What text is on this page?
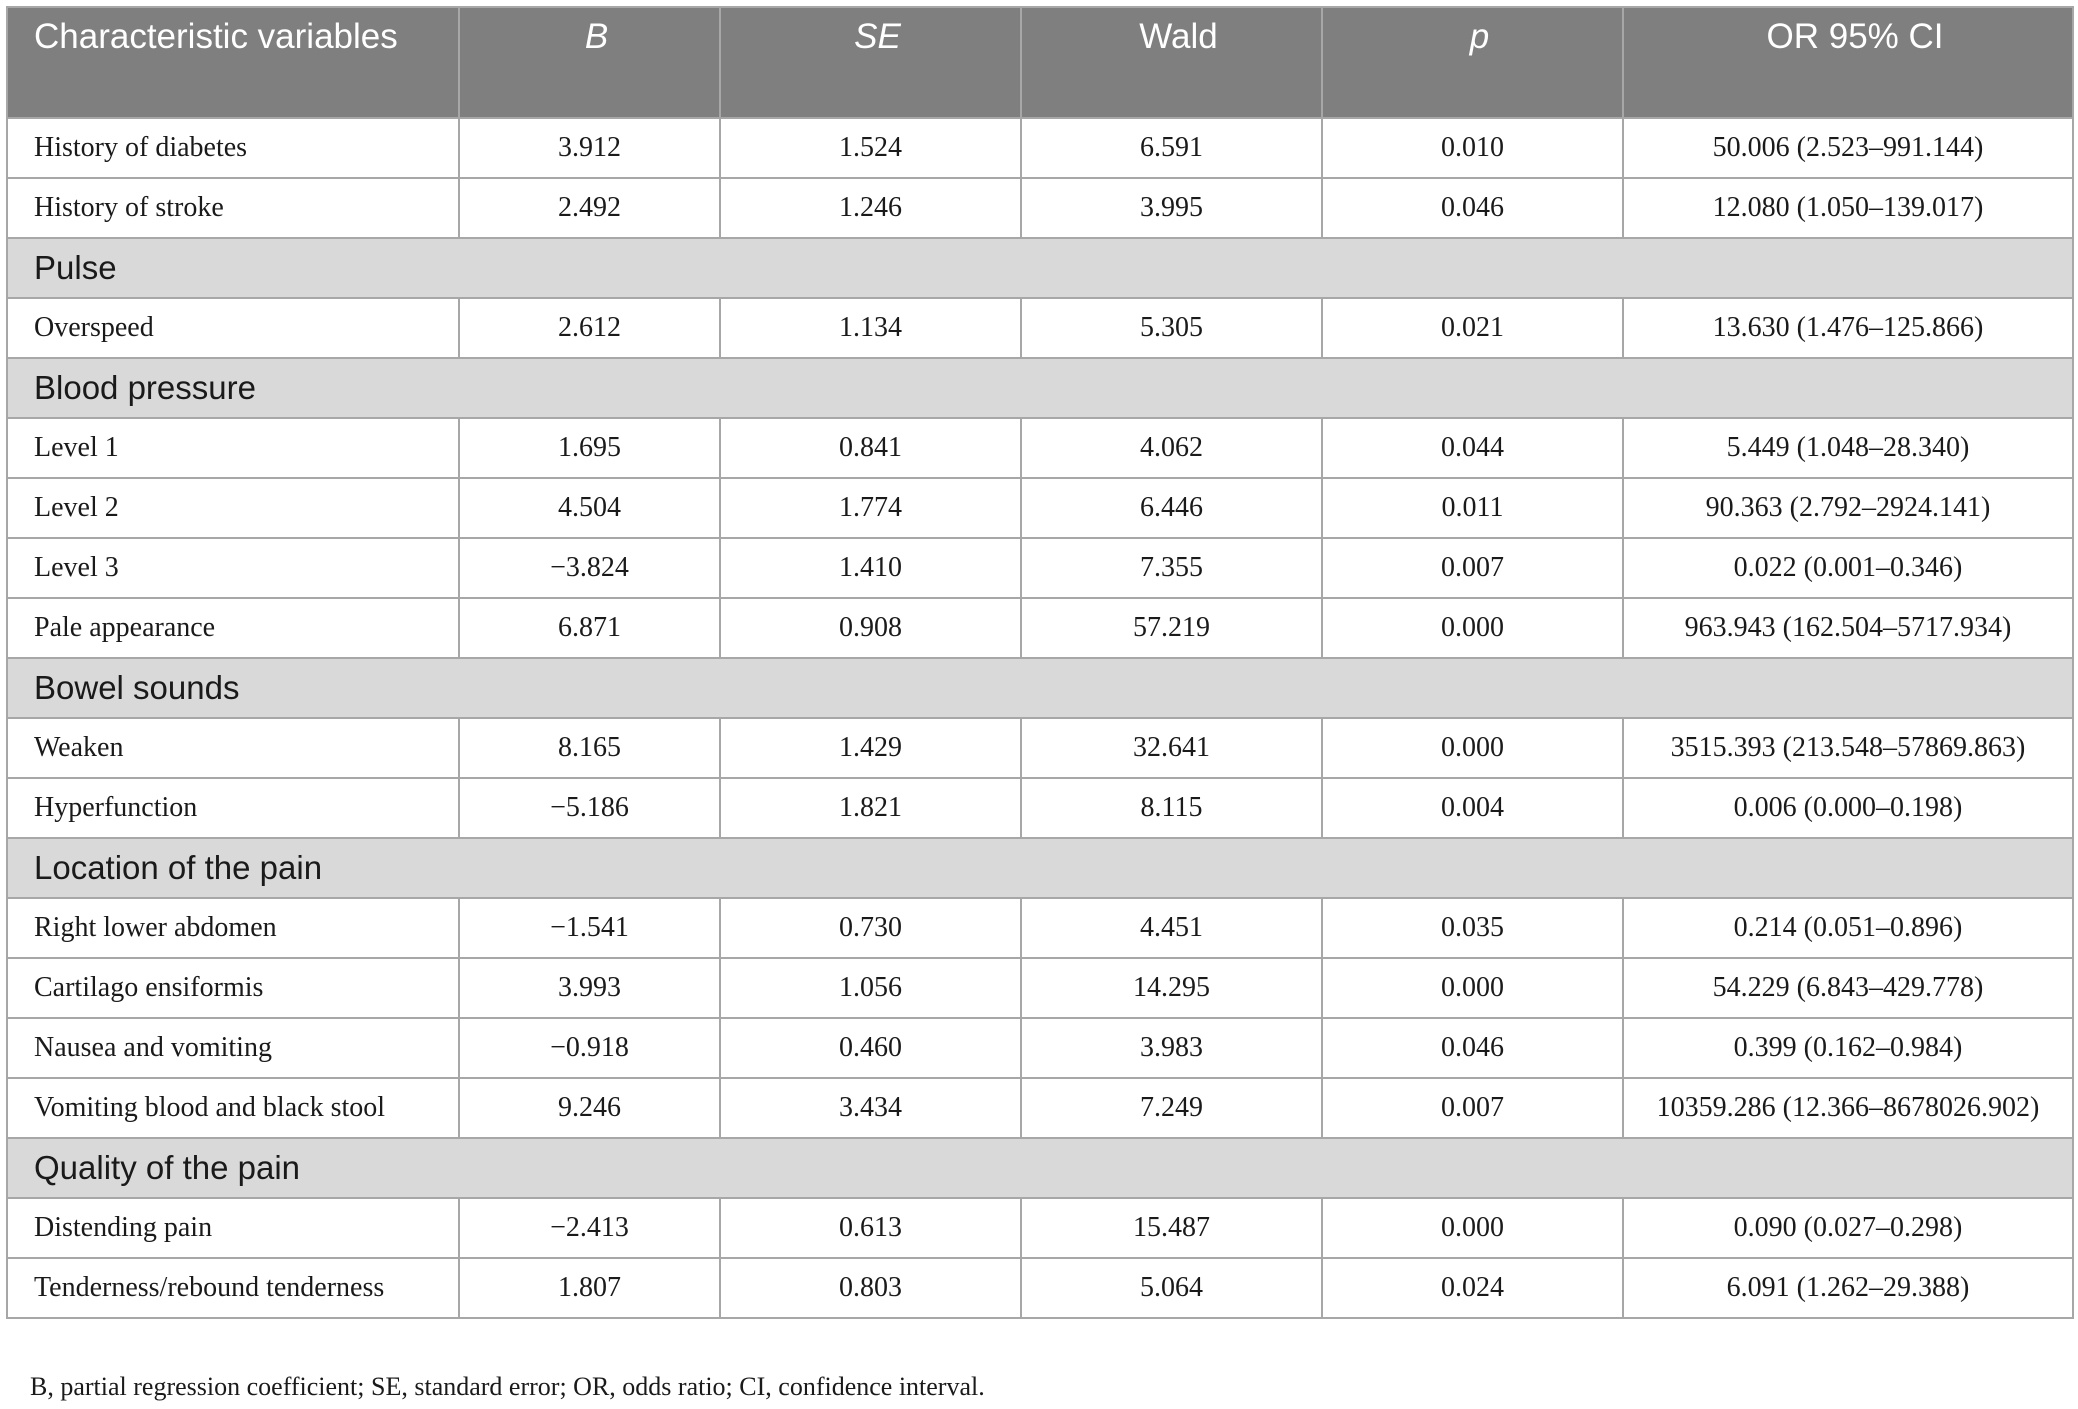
Characteristic variables	B	SE	Wald	p	OR 95% CI
History of diabetes	3.912	1.524	6.591	0.010	50.006 (2.523–991.144)
History of stroke	2.492	1.246	3.995	0.046	12.080 (1.050–139.017)
Pulse					
Overspeed	2.612	1.134	5.305	0.021	13.630 (1.476–125.866)
Blood pressure					
Level 1	1.695	0.841	4.062	0.044	5.449 (1.048–28.340)
Level 2	4.504	1.774	6.446	0.011	90.363 (2.792–2924.141)
Level 3	−3.824	1.410	7.355	0.007	0.022 (0.001–0.346)
Pale appearance	6.871	0.908	57.219	0.000	963.943 (162.504–5717.934)
Bowel sounds					
Weaken	8.165	1.429	32.641	0.000	3515.393 (213.548–57869.863)
Hyperfunction	−5.186	1.821	8.115	0.004	0.006 (0.000–0.198)
Location of the pain					
Right lower abdomen	−1.541	0.730	4.451	0.035	0.214 (0.051–0.896)
Cartilago ensiformis	3.993	1.056	14.295	0.000	54.229 (6.843–429.778)
Nausea and vomiting	−0.918	0.460	3.983	0.046	0.399 (0.162–0.984)
Vomiting blood and black stool	9.246	3.434	7.249	0.007	10359.286 (12.366–8678026.902)
Quality of the pain					
Distending pain	−2.413	0.613	15.487	0.000	0.090 (0.027–0.298)
Tenderness/rebound tenderness	1.807	0.803	5.064	0.024	6.091 (1.262–29.388)
B, partial regression coefficient; SE, standard error; OR, odds ratio; CI, confidence interval.
